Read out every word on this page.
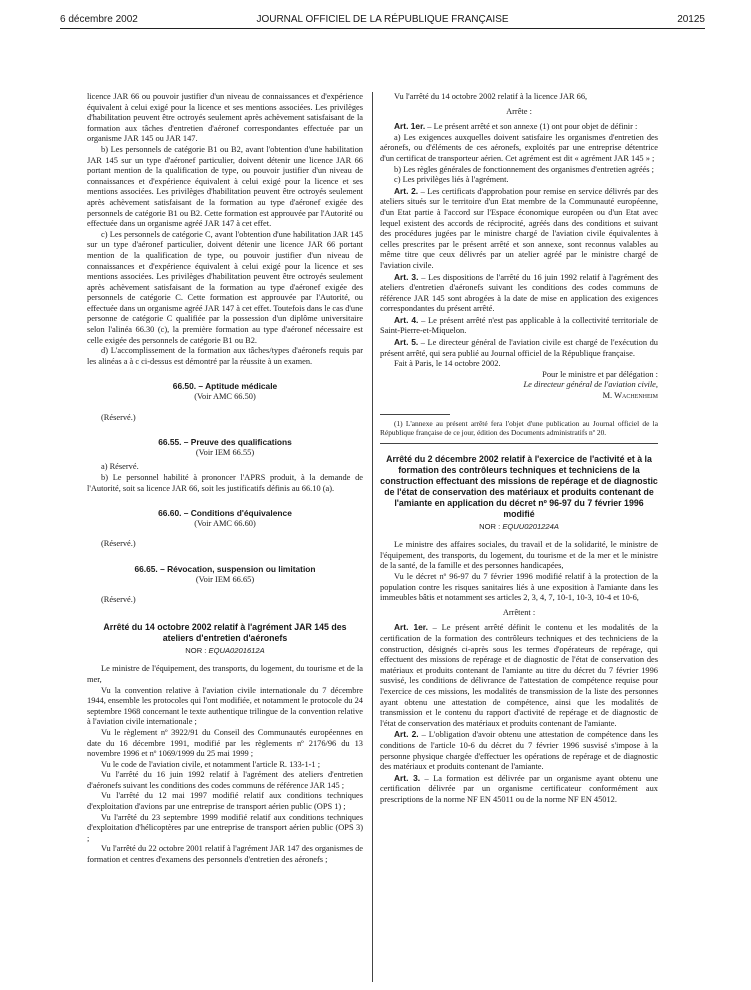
6 décembre 2002	JOURNAL OFFICIEL DE LA RÉPUBLIQUE FRANÇAISE	20125

licence JAR 66 ou pouvoir justifier d'un niveau de connaissances et d'expérience équivalent à celui exigé pour la licence et ses mentions associées. Les privilèges d'habilitation peuvent être octroyés seulement après achèvement satisfaisant de la formation aux tâches d'entretien d'aéronef correspondantes effectuée par un organisme JAR 145 ou JAR 147.

b) Les personnels de catégorie B1 ou B2, avant l'obtention d'une habilitation JAR 145 sur un type d'aéronef particulier, doivent détenir une licence JAR 66 portant mention de la qualification de type, ou pouvoir justifier d'un niveau de connaissances et d'expérience équivalent à celui exigé pour la licence et ses mentions associées. Les privilèges d'habilitation peuvent être octroyés seulement après achèvement satisfaisant de la formation au type d'aéronef exigée des personnels de catégorie B1 ou B2. Cette formation est approuvée par l'Autorité ou effectuée dans un organisme agréé JAR 147 à cet effet.

c) Les personnels de catégorie C, avant l'obtention d'une habilitation JAR 145 sur un type d'aéronef particulier, doivent détenir une licence JAR 66 portant mention de la qualification de type, ou pouvoir justifier d'un niveau de connaissances et d'expérience équivalent à celui exigé pour la licence et ses mentions associées. Les privilèges d'habilitation peuvent être octroyés seulement après achèvement satisfaisant de la formation au type d'aéronef exigée des personnels de catégorie C. Cette formation est approuvée par l'Autorité, ou effectuée dans un organisme agréé JAR 147 à cet effet. Toutefois dans le cas d'une personne de catégorie C qualifiée par la possession d'un diplôme universitaire selon l'alinéa 66.30 (c), la première formation au type d'aéronef nécessaire est celle exigée des personnels de catégorie B1 ou B2.

d) L'accomplissement de la formation aux tâches/types d'aéronefs requis par les alinéas a à c ci-dessus est démontré par la réussite à un examen.

66.50. – Aptitude médicale
(Voir AMC 66.50)

(Réservé.)

66.55. – Preuve des qualifications
(Voir IEM 66.55)

a) Réservé.

b) Le personnel habilité à prononcer l'APRS produit, à la demande de l'Autorité, soit sa licence JAR 66, soit les justificatifs définis au 66.10 (a).

66.60. – Conditions d'équivalence
(Voir AMC 66.60)

(Réservé.)

66.65. – Révocation, suspension ou limitation
(Voir IEM 66.65)

(Réservé.)

Arrêté du 14 octobre 2002 relatif à l'agrément JAR 145 des ateliers d'entretien d'aéronefs
NOR : EQUA0201612A

Le ministre de l'équipement, des transports, du logement, du tourisme et de la mer,

Vu la convention relative à l'aviation civile internationale du 7 décembre 1944, ensemble les protocoles qui l'ont modifiée, et notamment le protocole du 24 septembre 1968 concernant le texte authentique trilingue de la convention relative à l'aviation civile internationale ;

Vu le règlement nº 3922/91 du Conseil des Communautés européennes en date du 16 décembre 1991, modifié par les règlements nº 2176/96 du 13 novembre 1996 et nº 1069/1999 du 25 mai 1999 ;

Vu le code de l'aviation civile, et notamment l'article R. 133-1-1 ;

Vu l'arrêté du 16 juin 1992 relatif à l'agrément des ateliers d'entretien d'aéronefs suivant les conditions des codes communs de référence JAR 145 ;

Vu l'arrêté du 12 mai 1997 modifié relatif aux conditions techniques d'exploitation d'avions par une entreprise de transport aérien public (OPS 1) ;

Vu l'arrêté du 23 septembre 1999 modifié relatif aux conditions techniques d'exploitation d'hélicoptères par une entreprise de transport aérien public (OPS 3) ;

Vu l'arrêté du 22 octobre 2001 relatif à l'agrément JAR 147 des organismes de formation et centres d'examens des personnels d'entretien des aéronefs ;

Vu l'arrêté du 14 octobre 2002 relatif à la licence JAR 66,

Arrête :

Art. 1er. – Le présent arrêté et son annexe (1) ont pour objet de définir :

a) Les exigences auxquelles doivent satisfaire les organismes d'entretien des aéronefs, ou d'éléments de ces aéronefs, exploités par une entreprise détentrice d'un certificat de transporteur aérien. Cet agrément est dit « agrément JAR 145 » ;

b) Les règles générales de fonctionnement des organismes d'entretien agréés ;

c) Les privilèges liés à l'agrément.

Art. 2. – Les certificats d'approbation pour remise en service délivrés par des ateliers situés sur le territoire d'un Etat membre de la Communauté européenne, d'un Etat partie à l'accord sur l'Espace économique européen ou d'un Etat avec lequel existent des accords de réciprocité, agréés dans des conditions et suivant des procédures jugées par le ministre chargé de l'aviation civile équivalentes à celles prescrites par le présent arrêté et son annexe, sont reconnus valables au même titre que ceux délivrés par un atelier agréé par le ministre chargé de l'aviation civile.

Art. 3. – Les dispositions de l'arrêté du 16 juin 1992 relatif à l'agrément des ateliers d'entretien d'aéronefs suivant les conditions des codes communs de référence JAR 145 sont abrogées à la date de mise en application des exigences correspondantes du présent arrêté.

Art. 4. – Le présent arrêté n'est pas applicable à la collectivité territoriale de Saint-Pierre-et-Miquelon.

Art. 5. – Le directeur général de l'aviation civile est chargé de l'exécution du présent arrêté, qui sera publié au Journal officiel de la République française.

Fait à Paris, le 14 octobre 2002.

Pour le ministre et par délégation :

Le directeur général de l'aviation civile,

M. Wachenheim

(1) L'annexe au présent arrêté fera l'objet d'une publication au Journal officiel de la République française de ce jour, édition des Documents administratifs nº 20.

Arrêté du 2 décembre 2002 relatif à l'exercice de l'activité et à la formation des contrôleurs techniques et techniciens de la construction effectuant des missions de repérage et de diagnostic de l'état de conservation des matériaux et produits contenant de l'amiante en application du décret nº 96-97 du 7 février 1996 modifié
NOR : EQUU0201224A

Le ministre des affaires sociales, du travail et de la solidarité, le ministre de l'équipement, des transports, du logement, du tourisme et de la mer et le ministre de la santé, de la famille et des personnes handicapées,

Vu le décret nº 96-97 du 7 février 1996 modifié relatif à la protection de la population contre les risques sanitaires liés à une exposition à l'amiante dans les immeubles bâtis et notamment ses articles 2, 3, 4, 7, 10-1, 10-3, 10-4 et 10-6,

Arrêtent :

Art. 1er. – Le présent arrêté définit le contenu et les modalités de la certification de la formation des contrôleurs techniques et des techniciens de la construction, désignés ci-après sous les termes d'opérateurs de repérage, qui effectuent des missions de repérage et de diagnostic de l'état de conservation des matériaux et produits contenant de l'amiante au titre du décret du 7 février 1996 susvisé, les conditions de délivrance de l'attestation de compétence requise pour l'exercice de ces missions, les modalités de transmission de la liste des personnes ayant obtenu une attestation de compétence, ainsi que les modalités de transmission et le contenu du rapport d'activité de repérage et de diagnostic de l'état de conservation des matériaux et produits contenant de l'amiante.

Art. 2. – L'obligation d'avoir obtenu une attestation de compétence dans les conditions de l'article 10-6 du décret du 7 février 1996 susvisé s'impose à la personne physique chargée d'effectuer les opérations de repérage et de diagnostic des matériaux et produits contenant de l'amiante.

Art. 3. – La formation est délivrée par un organisme ayant obtenu une certification délivrée par un organisme certificateur conformément aux prescriptions de la norme NF EN 45011 ou de la norme NF EN 45012.
